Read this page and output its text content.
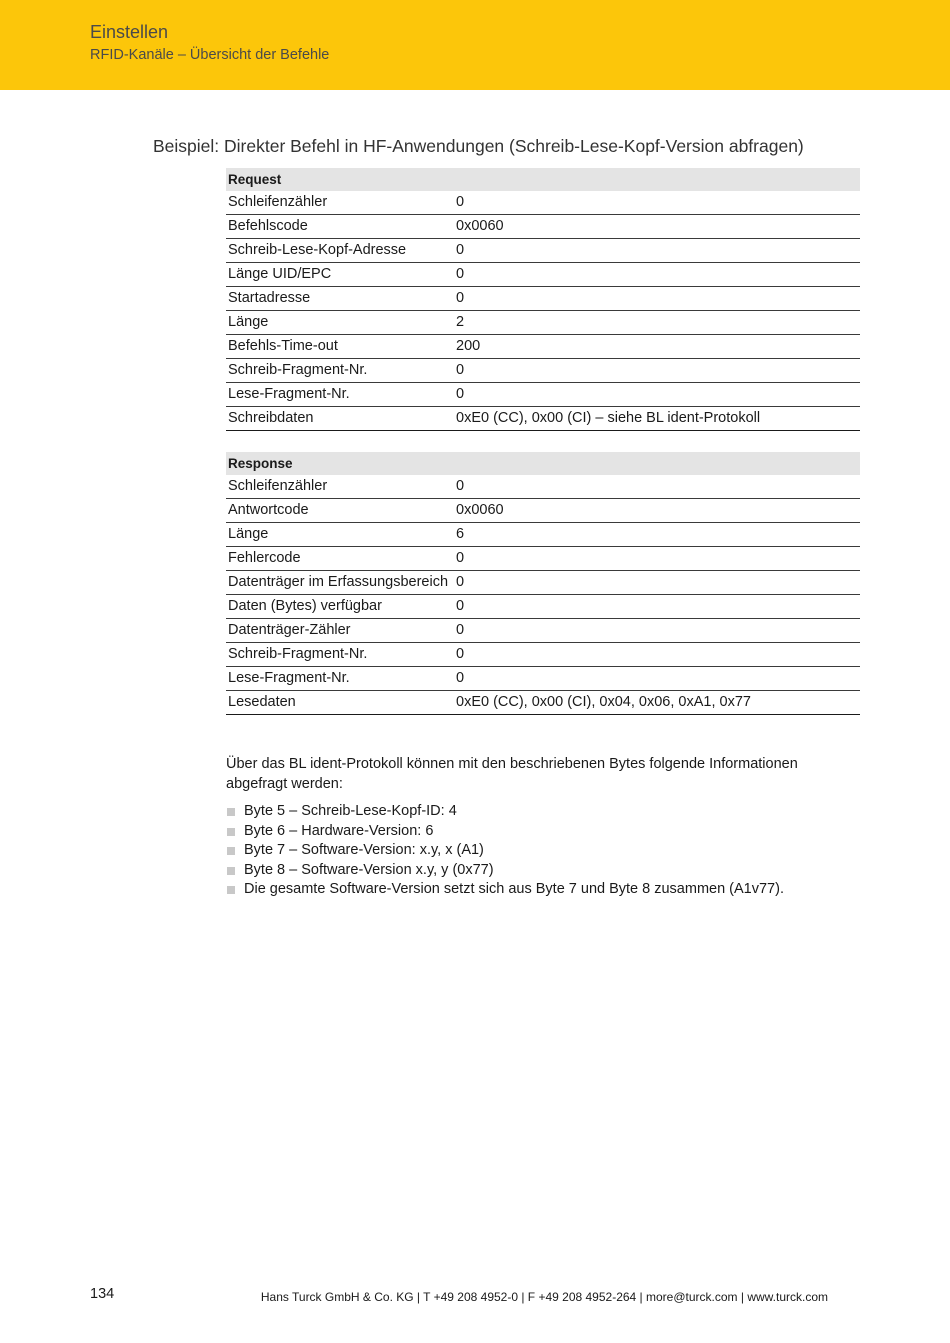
Einstellen
RFID-Kanäle – Übersicht der Befehle
Beispiel: Direkter Befehl in HF-Anwendungen (Schreib-Lese-Kopf-Version abfragen)
Request	
Schleifenzähler	0
Befehlscode	0x0060
Schreib-Lese-Kopf-Adresse	0
Länge UID/EPC	0
Startadresse	0
Länge	2
Befehls-Time-out	200
Schreib-Fragment-Nr.	0
Lese-Fragment-Nr.	0
Schreibdaten	0xE0 (CC), 0x00 (CI) – siehe BL ident-Protokoll
Response	
Schleifenzähler	0
Antwortcode	0x0060
Länge	6
Fehlercode	0
Datenträger im Erfassungsbereich	0
Daten (Bytes) verfügbar	0
Datenträger-Zähler	0
Schreib-Fragment-Nr.	0
Lese-Fragment-Nr.	0
Lesedaten	0xE0 (CC), 0x00 (CI), 0x04, 0x06, 0xA1, 0x77

Über das BL ident-Protokoll können mit den beschriebenen Bytes folgende Informationen abgefragt werden:

Byte 5 – Schreib-Lese-Kopf-ID: 4
Byte 6 – Hardware-Version: 6
Byte 7 – Software-Version: x.y, x (A1)
Byte 8 – Software-Version x.y, y (0x77)
Die gesamte Software-Version setzt sich aus Byte 7 und Byte 8 zusammen (A1v77).
134	Hans Turck GmbH & Co. KG | T +49 208 4952-0 | F +49 208 4952-264 | more@turck.com | www.turck.com
